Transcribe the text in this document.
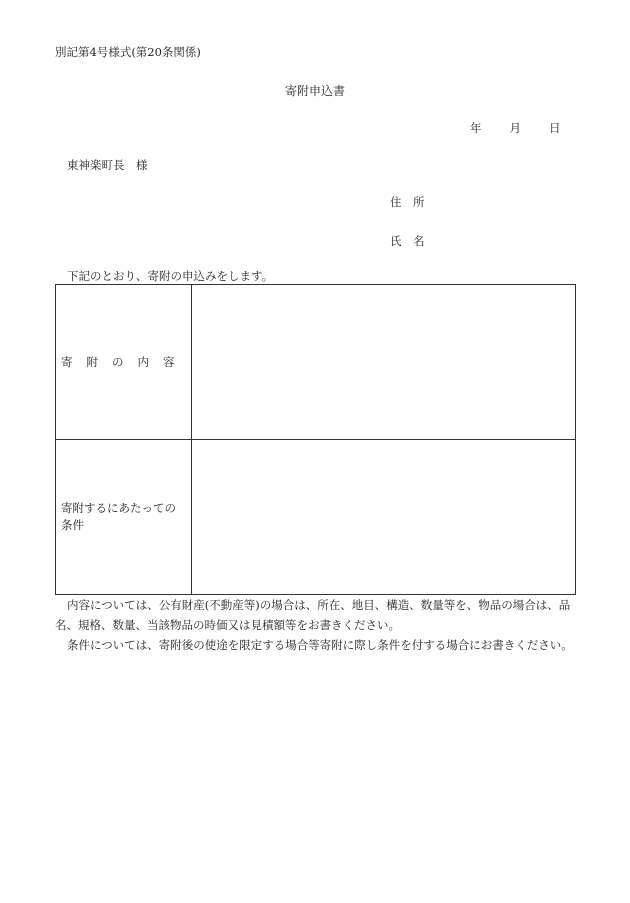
別記第4号様式(第20条関係)
寄附申込書
年 月 日
東神楽町長　様
住　所
氏　名
下記のとおり、寄附の申込みをします。
寄 附 の 内 容	
寄附するにあたっての条件	
内容については、公有財産(不動産等)の場合は、所在、地目、構造、数量等を、物品の場合は、品名、規格、数量、当該物品の時価又は見積額等をお書きください。
条件については、寄附後の使途を限定する場合等寄附に際し条件を付する場合にお書きください。
